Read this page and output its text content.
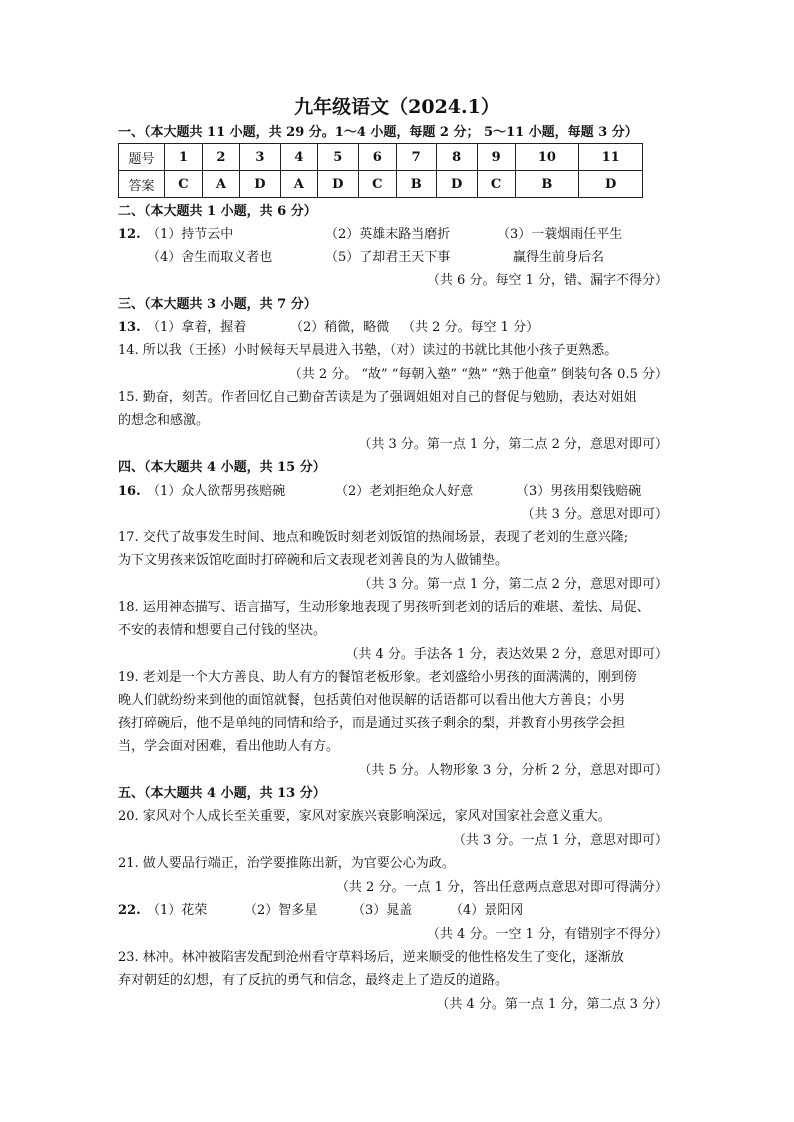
九年级语文（2024.1）
一、（本大题共 11 小题，共 29 分。1～4 小题，每题 2 分； 5～11 小题，每题 3 分）
题号	1	2	3	4	5	6	7	8	9	10	11
答案	C	A	D	A	D	C	B	D	C	B	D
二、（本大题共 1 小题，共 6 分）
12. （1）持节云中	（2）英雄末路当磨折	（3）一蓑烟雨任平生
（4）舍生而取义者也	（5）了却君王天下事	赢得生前身后名
（共 6 分。每空 1 分，错、漏字不得分）
三、（本大题共 3 小题，共 7 分）
13. （1）拿着，握着	（2）稍微，略微 （共 2 分。每空 1 分）
14. 所以我（王拯）小时候每天早晨进入书塾，（对）读过的书就比其他小孩子更熟悉。
（共 2 分。 “故” “每朝入塾” “熟” “熟于他童” 倒装句各 0.5 分）
15. 勤奋，刻苦。作者回忆自己勤奋苦读是为了强调姐姐对自己的督促与勉励，表达对姐姐
的想念和感激。
（共 3 分。第一点 1 分，第二点 2 分，意思对即可）
四、（本大题共 4 小题，共 15 分）
16. （1）众人欲帮男孩赔碗	（2）老刘拒绝众人好意	（3）男孩用梨钱赔碗
（共 3 分。意思对即可）
17. 交代了故事发生时间、地点和晚饭时刻老刘饭馆的热闹场景，表现了老刘的生意兴隆;
为下文男孩来饭馆吃面时打碎碗和后文表现老刘善良的为人做铺垫。
（共 3 分。第一点 1 分，第二点 2 分，意思对即可）
18. 运用神态描写、语言描写，生动形象地表现了男孩听到老刘的话后的难堪、羞怯、局促、
不安的表情和想要自己付钱的坚决。
（共 4 分。手法各 1 分，表达效果 2 分，意思对即可）
19. 老刘是一个大方善良、助人有方的餐馆老板形象。老刘盛给小男孩的面满满的，刚到傍
晚人们就纷纷来到他的面馆就餐，包括黄伯对他误解的话语都可以看出他大方善良；小男
孩打碎碗后，他不是单纯的同情和给予，而是通过买孩子剩余的梨，并教育小男孩学会担
当，学会面对困难，看出他助人有方。
（共 5 分。人物形象 3 分，分析 2 分，意思对即可）
五、（本大题共 4 小题，共 13 分）
20. 家风对个人成长至关重要，家风对家族兴衰影响深远，家风对国家社会意义重大。
（共 3 分。一点 1 分，意思对即可）
21. 做人要品行端正，治学要推陈出新，为官要公心为政。
（共 2 分。一点 1 分，答出任意两点意思对即可得满分）
22. （1）花荣	（2）智多星	（3）晁盖	（4）景阳冈
（共 4 分。一空 1 分，有错别字不得分）
23. 林冲。林冲被陷害发配到沧州看守草料场后，逆来顺受的他性格发生了变化，逐渐放
弃对朝廷的幻想，有了反抗的勇气和信念，最终走上了造反的道路。
（共 4 分。第一点 1 分，第二点 3 分）
